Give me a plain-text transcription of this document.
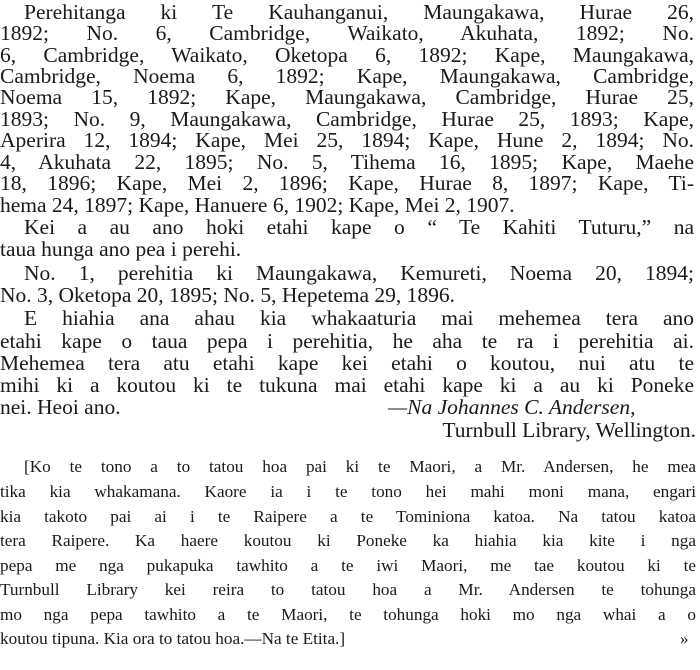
Perehitanga ki Te Kauhanganui, Maungakawa, Hurae 26,

1892; No. 6, Cambridge, Waikato, Akuhata, 1892; No.

6, Cambridge, Waikato, Oketopa 6, 1892; Kape, Maungakawa,

Cambridge, Noema 6, 1892; Kape, Maungakawa, Cambridge,

Noema 15, 1892; Kape, Maungakawa, Cambridge, Hurae 25,

1893; No. 9, Maungakawa, Cambridge, Hurae 25, 1893; Kape,

Aperira 12, 1894; Kape, Mei 25, 1894; Kape, Hune 2, 1894; No.

4, Akuhata 22, 1895; No. 5, Tihema 16, 1895; Kape, Maehe

18, 1896; Kape, Mei 2, 1896; Kape, Hurae 8, 1897; Kape, Ti-

hema 24, 1897; Kape, Hanuere 6, 1902; Kape, Mei 2, 1907.

Kei a au ano hoki etahi kape o “ Te Kahiti Tuturu,” na

taua hunga ano pea i perehi.

No. 1, perehitia ki Maungakawa, Kemureti, Noema 20, 1894;

No. 3, Oketopa 20, 1895; No. 5, Hepetema 29, 1896.

E hiahia ana ahau kia whakaaturia mai mehemea tera ano

etahi kape o taua pepa i perehitia, he aha te ra i perehitia ai.

Mehemea tera atu etahi kape kei etahi o koutou, nui atu te

mihi ki a koutou ki te tukuna mai etahi kape ki a au ki Poneke

nei. Heoi ano.	—Na Johannes C. Andersen,

Turnbull Library, Wellington.

[Ko te tono a to tatou hoa pai ki te Maori, a Mr. Andersen, he mea

tika kia whakamana. Kaore ia i te tono hei mahi moni mana, engari

kia takoto pai ai i te Raipere a te Tominiona katoa. Na tatou katoa

tera Raipere. Ka haere koutou ki Poneke ka hiahia kia kite i nga

pepa me nga pukapuka tawhito a te iwi Maori, me tae koutou ki te

Turnbull Library kei reira to tatou hoa a Mr. Andersen te tohunga

mo nga pepa tawhito a te Maori, te tohunga hoki mo nga whai a o

koutou tipuna. Kia ora to tatou hoa.—Na te Etita.]	»
